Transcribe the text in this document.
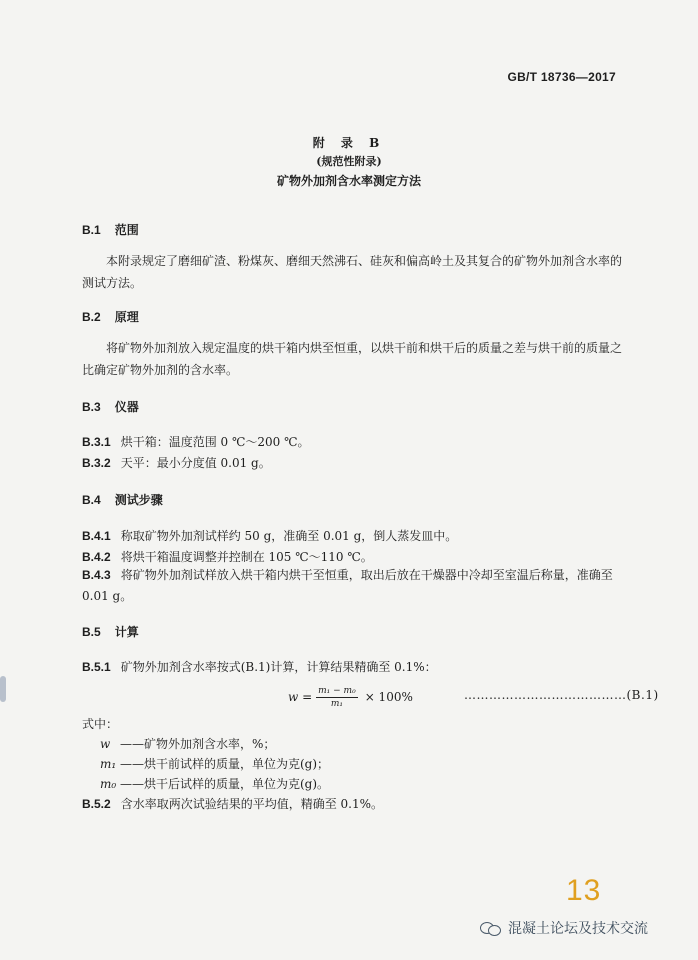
GB/T 18736—2017
附 录 B
(规范性附录)
矿物外加剂含水率测定方法
B.1 范围
本附录规定了磨细矿渣、粉煤灰、磨细天然沸石、硅灰和偏高岭土及其复合的矿物外加剂含水率的测试方法。
B.2 原理
将矿物外加剂放入规定温度的烘干箱内烘至恒重，以烘干前和烘干后的质量之差与烘干前的质量之比确定矿物外加剂的含水率。
B.3 仪器
B.3.1 烘干箱：温度范围 0 ℃～200 ℃。
B.3.2 天平：最小分度值 0.01 g。
B.4 测试步骤
B.4.1 称取矿物外加剂试样约 50 g，准确至 0.01 g，倒人蒸发皿中。
B.4.2 将烘干箱温度调整并控制在 105 ℃～110 ℃。
B.4.3 将矿物外加剂试样放入烘干箱内烘干至恒重，取出后放在干燥器中冷却至室温后称量，准确至 0.01 g。
B.5 计算
B.5.1 矿物外加剂含水率按式(B.1)计算，计算结果精确至 0.1%：
$w = \frac{\text{m₁ − m₀}}{\text{m₁}} \times 100\%$	…………………………………(B.1)
式中：
w ——矿物外加剂含水率，%；
m₁ ——烘干前试样的质量，单位为克(g)；
m₀ ——烘干后试样的质量，单位为克(g)。
B.5.2 含水率取两次试验结果的平均值，精确至 0.1%。
13
混凝土论坛及技术交流
